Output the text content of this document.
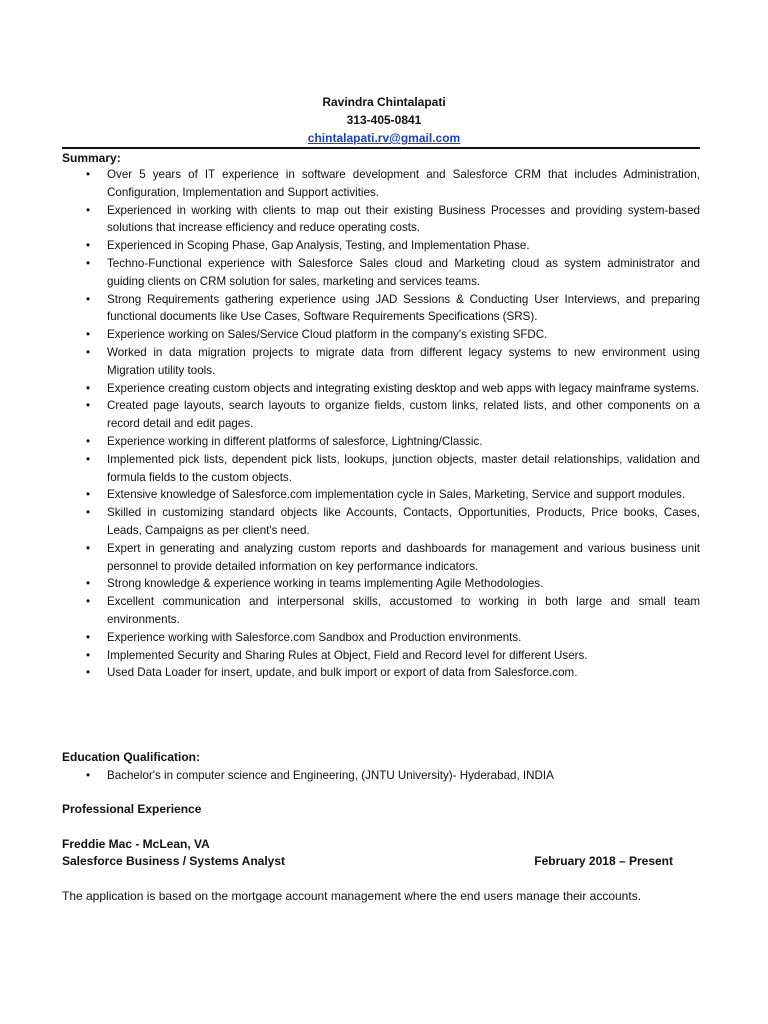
Ravindra Chintalapati
313-405-0841
chintalapati.rv@gmail.com
Summary:
• Over 5 years of IT experience in software development and Salesforce CRM that includes Administration, Configuration, Implementation and Support activities.
• Experienced in working with clients to map out their existing Business Processes and providing system-based solutions that increase efficiency and reduce operating costs.
• Experienced in Scoping Phase, Gap Analysis, Testing, and Implementation Phase.
• Techno-Functional experience with Salesforce Sales cloud and Marketing cloud as system administrator and guiding clients on CRM solution for sales, marketing and services teams.
• Strong Requirements gathering experience using JAD Sessions & Conducting User Interviews, and preparing functional documents like Use Cases, Software Requirements Specifications (SRS).
• Experience working on Sales/Service Cloud platform in the company's existing SFDC.
• Worked in data migration projects to migrate data from different legacy systems to new environment using Migration utility tools.
• Experience creating custom objects and integrating existing desktop and web apps with legacy mainframe systems.
• Created page layouts, search layouts to organize fields, custom links, related lists, and other components on a record detail and edit pages.
• Experience working in different platforms of salesforce, Lightning/Classic.
• Implemented pick lists, dependent pick lists, lookups, junction objects, master detail relationships, validation and formula fields to the custom objects.
• Extensive knowledge of Salesforce.com implementation cycle in Sales, Marketing, Service and support modules.
• Skilled in customizing standard objects like Accounts, Contacts, Opportunities, Products, Price books, Cases, Leads, Campaigns as per client's need.
• Expert in generating and analyzing custom reports and dashboards for management and various business unit personnel to provide detailed information on key performance indicators.
• Strong knowledge & experience working in teams implementing Agile Methodologies.
• Excellent communication and interpersonal skills, accustomed to working in both large and small team environments.
• Experience working with Salesforce.com Sandbox and Production environments.
• Implemented Security and Sharing Rules at Object, Field and Record level for different Users.
• Used Data Loader for insert, update, and bulk import or export of data from Salesforce.com.
Education Qualification:
• Bachelor's in computer science and Engineering, (JNTU University)- Hyderabad, INDIA
Professional Experience
Freddie Mac - McLean, VA
Salesforce Business / Systems Analyst	February 2018 – Present
The application is based on the mortgage account management where the end users manage their accounts.
